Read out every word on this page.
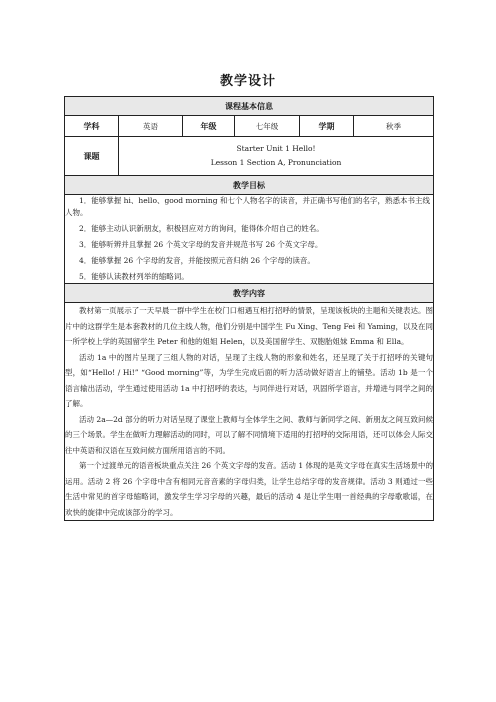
教学设计
课程基本信息					
学科	英语	年级	七年级	学期	秋季
课题	Starter Unit 1 Hello!
Lesson 1 Section A, Pronunciation				

教学目标					

1．能够掌握 hi、hello、good morning 和七个人物名字的读音，并正确书写他们的名字，熟悉本书主线人物。

2．能够主动认识新朋友，积极回应对方的询问，能得体介绍自己的姓名。

3．能够听辨并且掌握 26 个英文字母的发音并规范书写 26 个英文字母。

4．能够掌握 26 个字母的发音，并能按照元音归纳 26 个字母的读音。

5．能够认读教材列举的缩略词。					

教学内容					

教材第一页展示了一天早晨一群中学生在校门口相遇互相打招呼的情景，呈现该板块的主题和关键表达。图片中的这群学生是本套教材的几位主线人物，他们分别是中国学生 Fu Xing、Teng Fei 和 Yaming，以及在同一所学校上学的英国留学生 Peter 和他的姐姐 Helen，以及美国留学生、双胞胎姐妹 Emma 和 Ella。

活动 1a 中的图片呈现了三组人物的对话，呈现了主线人物的形象和姓名，还呈现了关于打招呼的关键句型，如“Hello! / Hi!” “Good morning”等，为学生完成后面的听力活动做好语言上的铺垫。活动 1b 是一个语言输出活动，学生通过使用活动 1a 中打招呼的表达，与同伴进行对话，巩固所学语言，并增进与同学之间的了解。

活动 2a—2d 部分的听力对话呈现了课堂上教师与全体学生之间、教师与新同学之间、新朋友之间互致问候的三个场景。学生在做听力理解活动的同时，可以了解不同情境下适用的打招呼的交际用语，还可以体会人际交往中英语和汉语在互致问候方面所用语言的不同。

第一个过渡单元的语音板块重点关注 26 个英文字母的发音。活动 1 体现的是英文字母在真实生活场景中的运用。活动 2 将 26 个字母中含有相同元音音素的字母归类，让学生总结字母的发音规律。活动 3 则通过一些生活中常见的首字母缩略词，激发学生学习字母的兴趣，最后的活动 4 是让学生唱一首经典的字母歌歌谣，在欢快的旋律中完成该部分的学习。					
